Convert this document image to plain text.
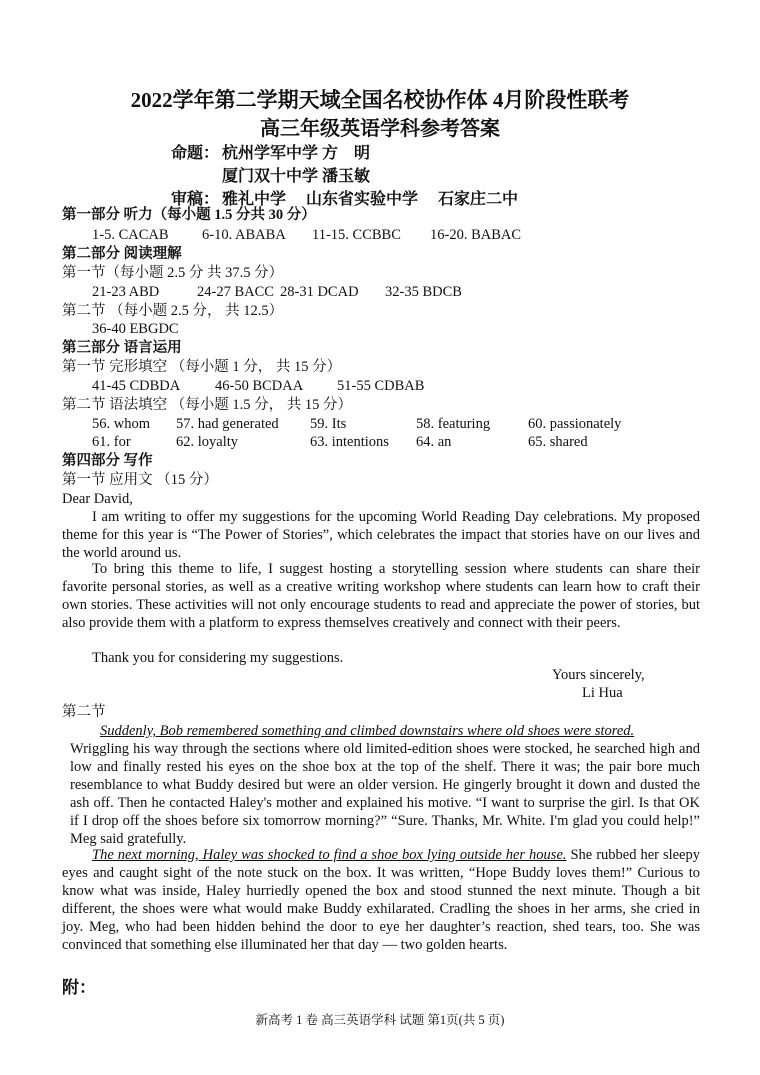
2022学年第二学期天域全国名校协作体 4月阶段性联考
高三年级英语学科参考答案
命题： 杭州学军中学 方　明
厦门双十中学 潘玉敏
审稿： 雅礼中学　 山东省实验中学　 石家庄二中
第一部分 听力（每小题 1.5 分共 30 分）
1-5. CACAB 6-10. ABABA 11-15. CCBBC 16-20. BABAC
第二部分 阅读理解
第一节（每小题 2.5 分 共 37.5 分）
21-23 ABD	24-27 BACC 28-31 DCAD 32-35 BDCB
第二节 （每小题 2.5 分， 共 12.5）
36-40 EBGDC
第三部分 语言运用
第一节 完形填空 （每小题 1 分， 共 15 分）
41-45 CDBDA 46-50 BCDAA 51-55 CDBAB
第二节 语法填空 （每小题 1.5 分， 共 15 分）
56. whom 57. had generated 59. Its	58. featuring	60. passionately
61. for	62. loyalty	63. intentions 64. an	65. shared
第四部分 写作
第一节 应用文 （15 分）
Dear David,
I am writing to offer my suggestions for the upcoming World Reading Day celebrations. My proposed theme for this year is “The Power of Stories”, which celebrates the impact that stories have on our lives and the world around us.
To bring this theme to life, I suggest hosting a storytelling session where students can share their favorite personal stories, as well as a creative writing workshop where students can learn how to craft their own stories. These activities will not only encourage students to read and appreciate the power of stories, but also provide them with a platform to express themselves creatively and connect with their peers.
Thank you for considering my suggestions.
Yours sincerely,
Li Hua
第二节
Suddenly, Bob remembered something and climbed downstairs where old shoes were stored.
Wriggling his way through the sections where old limited-edition shoes were stocked, he searched high and low and finally rested his eyes on the shoe box at the top of the shelf. There it was; the pair bore much resemblance to what Buddy desired but were an older version. He gingerly brought it down and dusted the ash off. Then he contacted Haley's mother and explained his motive. “I want to surprise the girl. Is that OK if I drop off the shoes before six tomorrow morning?” “Sure. Thanks, Mr. White. I'm glad you could help!” Meg said gratefully.
The next morning, Haley was shocked to find a shoe box lying outside her house. She rubbed her sleepy eyes and caught sight of the note stuck on the box. It was written, “Hope Buddy loves them!” Curious to know what was inside, Haley hurriedly opened the box and stood stunned the next minute. Though a bit different, the shoes were what would make Buddy exhilarated. Cradling the shoes in her arms, she cried in joy. Meg, who had been hidden behind the door to eye her daughter’s reaction, shed tears, too. She was convinced that something else illuminated her that day — two golden hearts.
附：
新高考 1 卷 高三英语学科 试题 第1页(共 5 页)
